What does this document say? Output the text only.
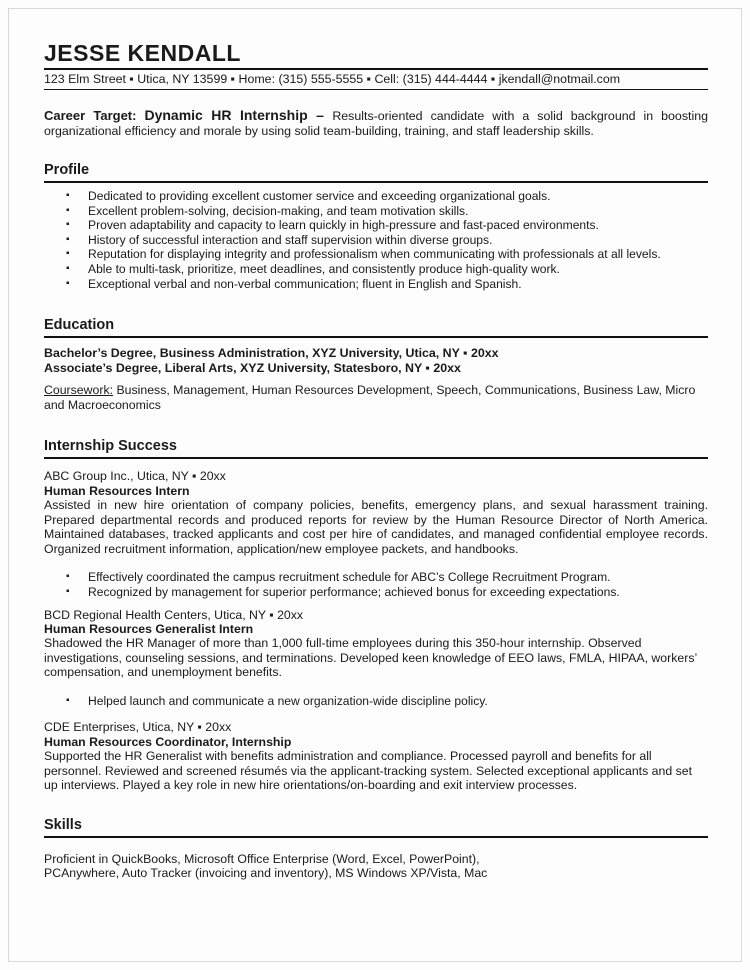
JESSE KENDALL
123 Elm Street ▪ Utica, NY 13599 ▪ Home: (315) 555-5555 ▪ Cell: (315) 444-4444 ▪ jkendall@notmail.com
Career Target: Dynamic HR Internship – Results-oriented candidate with a solid background in boosting organizational efficiency and morale by using solid team-building, training, and staff leadership skills.
Profile
▪ Dedicated to providing excellent customer service and exceeding organizational goals.
▪ Excellent problem-solving, decision-making, and team motivation skills.
▪ Proven adaptability and capacity to learn quickly in high-pressure and fast-paced environments.
▪ History of successful interaction and staff supervision within diverse groups.
▪ Reputation for displaying integrity and professionalism when communicating with professionals at all levels.
▪ Able to multi-task, prioritize, meet deadlines, and consistently produce high-quality work.
▪ Exceptional verbal and non-verbal communication; fluent in English and Spanish.
Education
Bachelor’s Degree, Business Administration, XYZ University, Utica, NY ▪ 20xx
Associate’s Degree, Liberal Arts, XYZ University, Statesboro, NY ▪ 20xx
Coursework: Business, Management, Human Resources Development, Speech, Communications, Business Law, Micro and Macroeconomics
Internship Success
ABC Group Inc., Utica, NY ▪ 20xx
Human Resources Intern
Assisted in new hire orientation of company policies, benefits, emergency plans, and sexual harassment training. Prepared departmental records and produced reports for review by the Human Resource Director of North America. Maintained databases, tracked applicants and cost per hire of candidates, and managed confidential employee records. Organized recruitment information, application/new employee packets, and handbooks.
▪ Effectively coordinated the campus recruitment schedule for ABC’s College Recruitment Program.
▪ Recognized by management for superior performance; achieved bonus for exceeding expectations.
BCD Regional Health Centers, Utica, NY ▪ 20xx
Human Resources Generalist Intern
Shadowed the HR Manager of more than 1,000 full-time employees during this 350-hour internship. Observed investigations, counseling sessions, and terminations. Developed keen knowledge of EEO laws, FMLA, HIPAA, workers’ compensation, and unemployment benefits.
▪ Helped launch and communicate a new organization-wide discipline policy.
CDE Enterprises, Utica, NY ▪ 20xx
Human Resources Coordinator, Internship
Supported the HR Generalist with benefits administration and compliance. Processed payroll and benefits for all personnel. Reviewed and screened résumés via the applicant-tracking system. Selected exceptional applicants and set up interviews. Played a key role in new hire orientations/on-boarding and exit interview processes.
Skills
Proficient in QuickBooks, Microsoft Office Enterprise (Word, Excel, PowerPoint),
PCAnywhere, Auto Tracker (invoicing and inventory), MS Windows XP/Vista, Mac
